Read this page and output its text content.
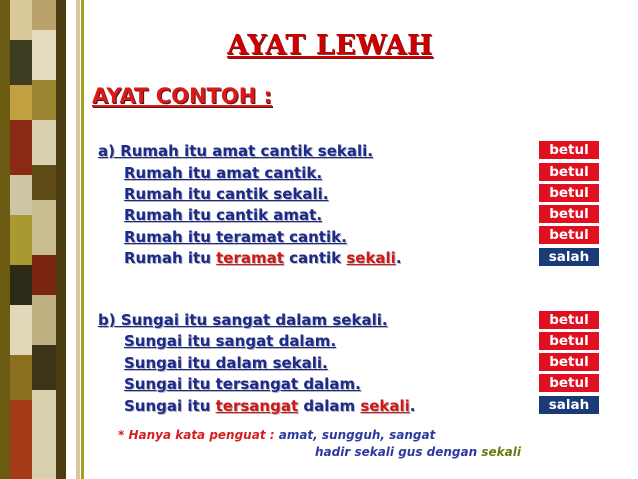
AYAT LEWAH
AYAT CONTOH :
a) Rumah itu amat cantik sekali.
Rumah itu amat cantik.
Rumah itu cantik sekali.
Rumah itu cantik amat.
Rumah itu teramat cantik.
Rumah itu teramat cantik sekali.
betul
betul
betul
betul
betul
salah
b) Sungai itu sangat dalam sekali.
Sungai itu sangat dalam.
Sungai itu dalam sekali.
Sungai itu tersangat dalam.
Sungai itu tersangat dalam sekali.
betul
betul
betul
betul
salah
* Hanya kata penguat : amat, sungguh, sangat
hadir sekali gus dengan sekali
